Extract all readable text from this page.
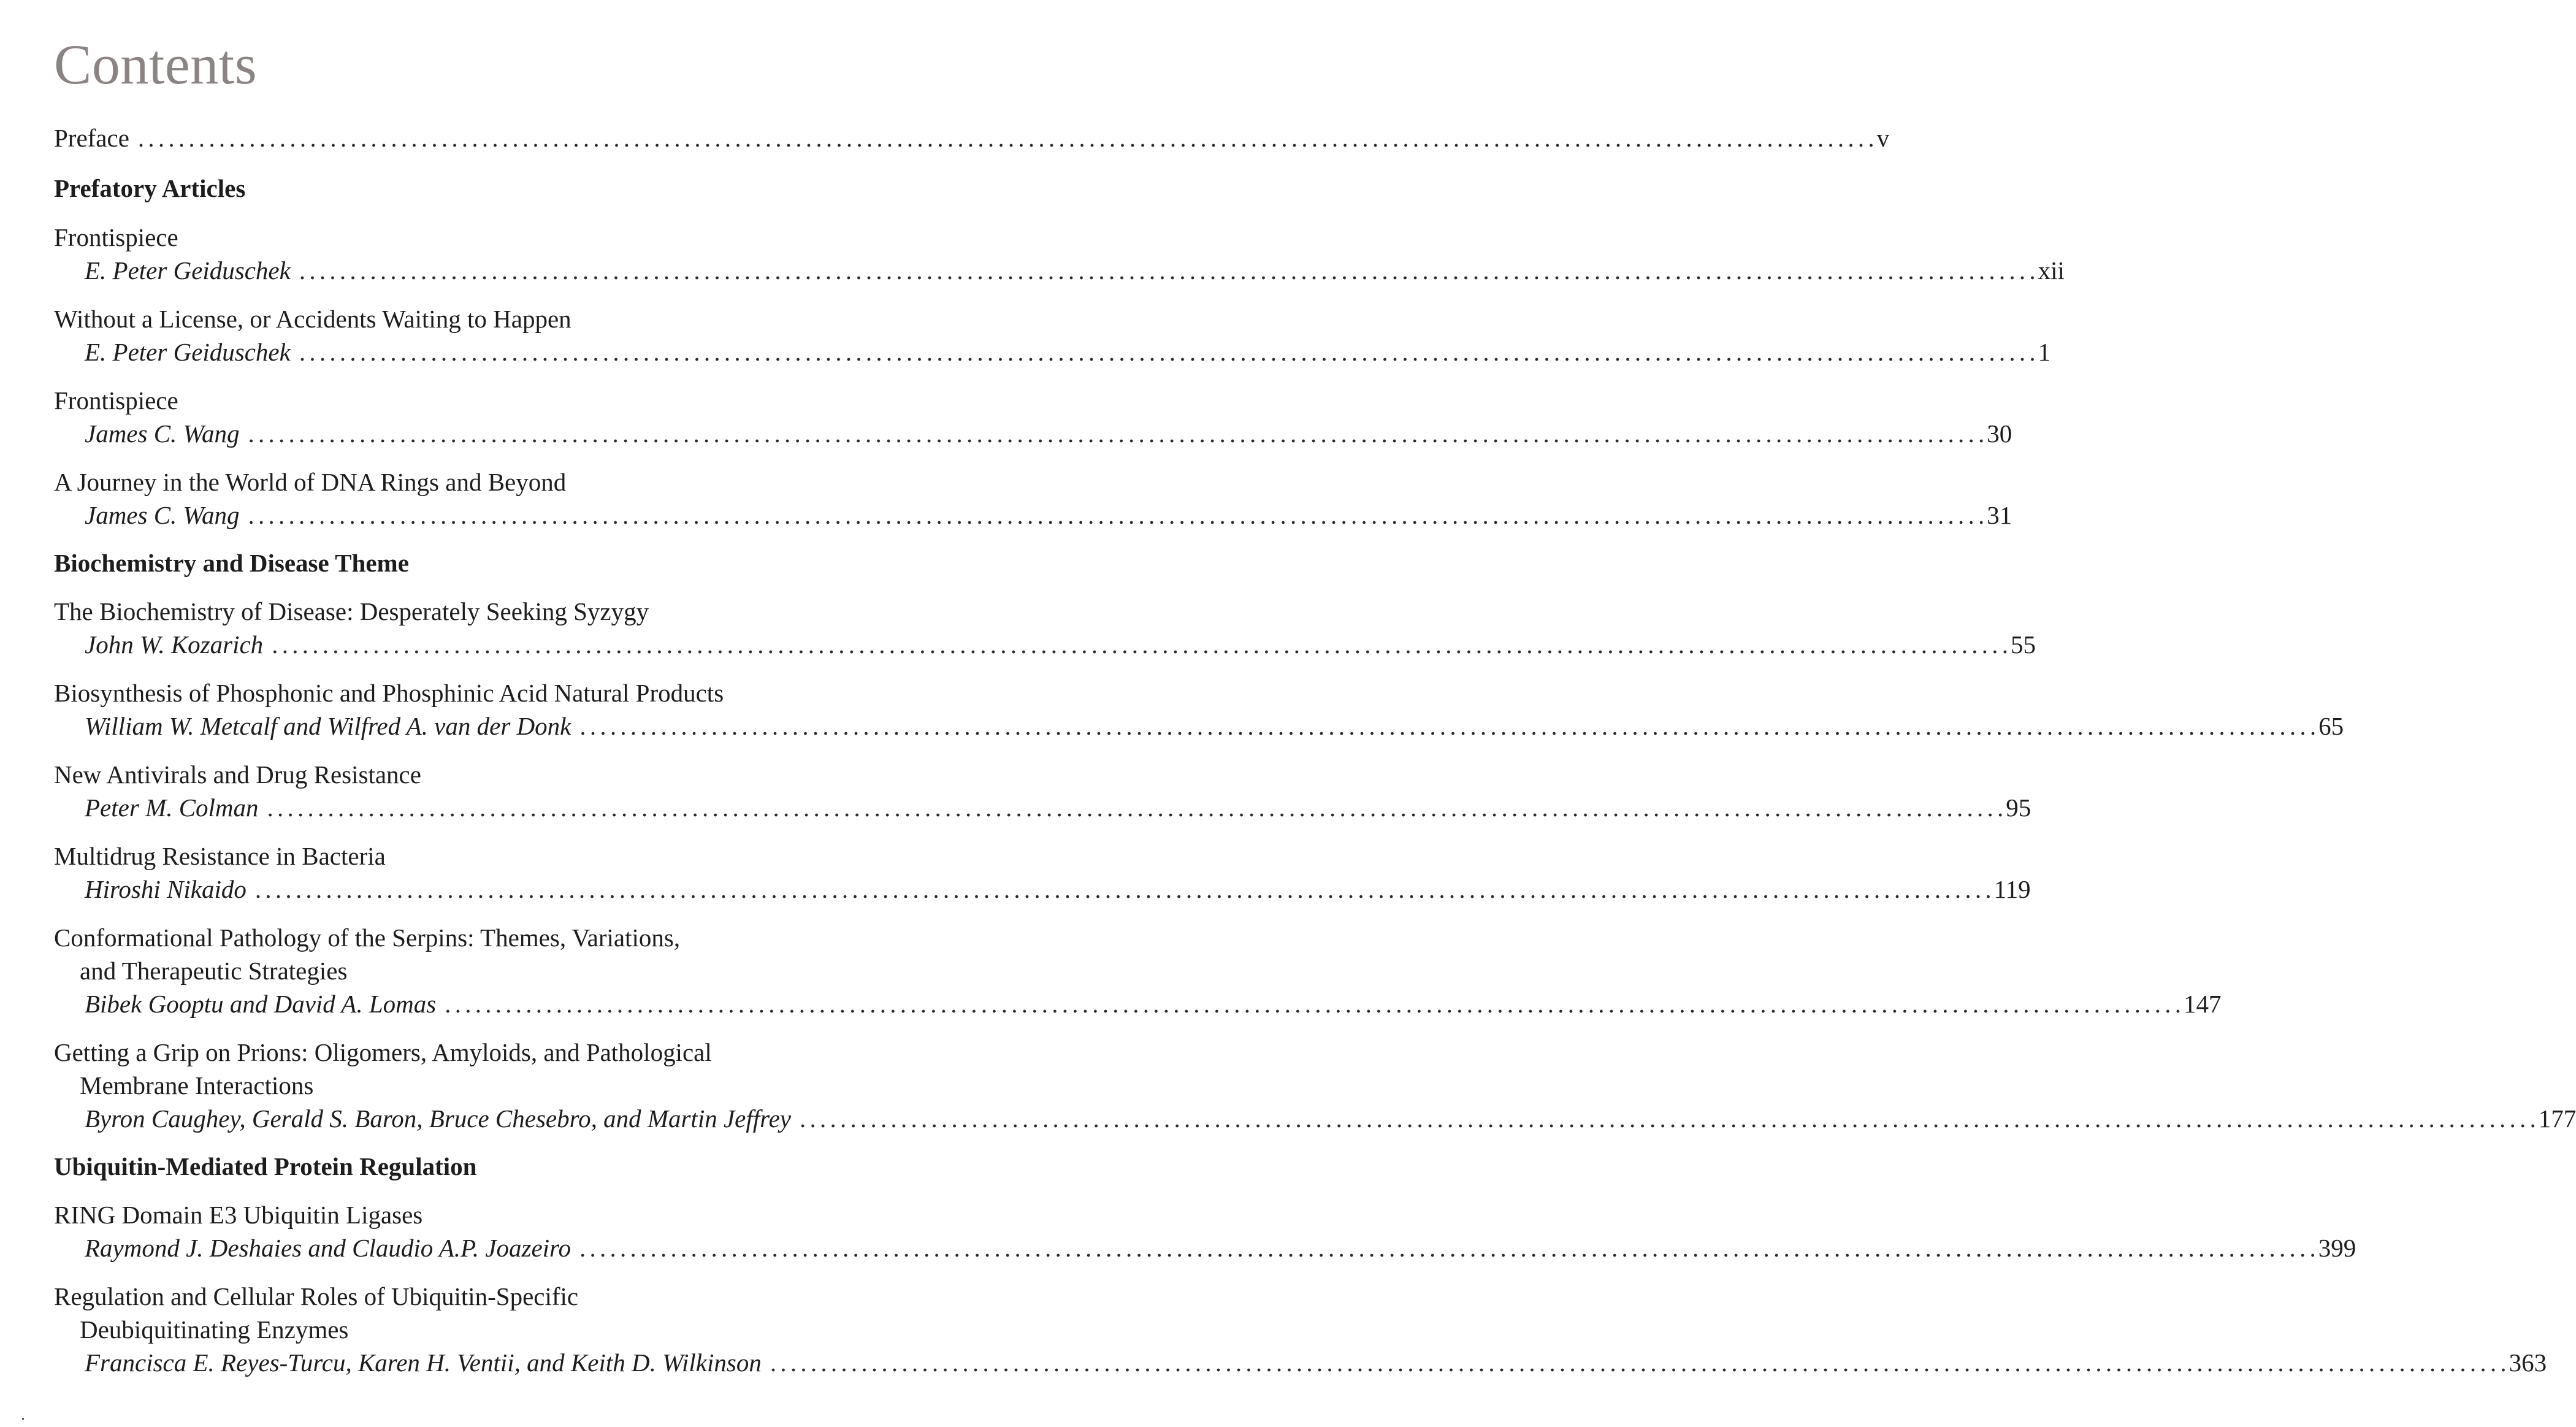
Contents
Preface . . .	v
Prefatory Articles
Frontispiece
E. Peter Geiduschek . . .	xii
Without a License, or Accidents Waiting to Happen
E. Peter Geiduschek . . .	1
Frontispiece
James C. Wang . . .	30
A Journey in the World of DNA Rings and Beyond
James C. Wang . . .	31
Biochemistry and Disease Theme
The Biochemistry of Disease: Desperately Seeking Syzygy
John W. Kozarich . . .	55
Biosynthesis of Phosphonic and Phosphinic Acid Natural Products
William W. Metcalf and Wilfred A. van der Donk . . .	65
New Antivirals and Drug Resistance
Peter M. Colman . . .	95
Multidrug Resistance in Bacteria
Hiroshi Nikaido . . .	119
Conformational Pathology of the Serpins: Themes, Variations,
and Therapeutic Strategies
Bibek Gooptu and David A. Lomas . . .	147
Getting a Grip on Prions: Oligomers, Amyloids, and Pathological
Membrane Interactions
Byron Caughey, Gerald S. Baron, Bruce Chesebro, and Martin Jeffrey . . .	177
Ubiquitin-Mediated Protein Regulation
RING Domain E3 Ubiquitin Ligases
Raymond J. Deshaies and Claudio A.P. Joazeiro . . .	399
Regulation and Cellular Roles of Ubiquitin-Specific
Deubiquitinating Enzymes
Francisca E. Reyes-Turcu, Karen H. Ventii, and Keith D. Wilkinson . . .	363
